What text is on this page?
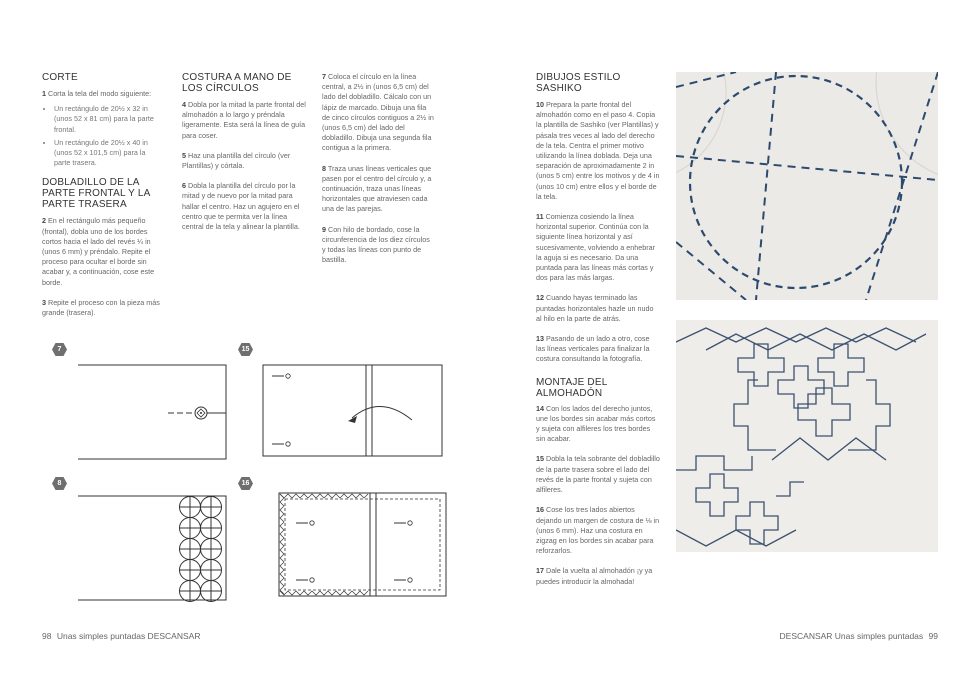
CORTE

1 Corta la tela del modo siguiente:

• Un rectángulo de 20½ x 32 in (unos 52 x 81 cm) para la parte frontal.
• Un rectángulo de 20½ x 40 in (unos 52 x 101,5 cm) para la parte trasera.
DOBLADILLO DE LA PARTE FRONTAL Y LA PARTE TRASERA

2 En el rectángulo más pequeño (frontal), dobla uno de los bordes cortos hacia el lado del revés ¼ in (unos 6 mm) y préndalo. Repite el proceso para ocultar el borde sin acabar y, a continuación, cose este borde.

3 Repite el proceso con la pieza más grande (trasera).

COSTURA A MANO DE LOS CÍRCULOS

4 Dobla por la mitad la parte frontal del almohadón a lo largo y préndala ligeramente. Esta será la línea de guía para coser.

5 Haz una plantilla del círculo (ver Plantillas) y córtala.

6 Dobla la plantilla del círculo por la mitad y de nuevo por la mitad para hallar el centro. Haz un agujero en el centro que te permita ver la línea central de la tela y alinear la plantilla.

7 Coloca el círculo en la línea central, a 2½ in (unos 6,5 cm) del lado del dobladillo. Cálcalo con un lápiz de marcado. Dibuja una fila de cinco círculos contiguos a 2½ in (unos 6,5 cm) del lado del dobladillo. Dibuja una segunda fila contigua a la primera.

8 Traza unas líneas verticales que pasen por el centro del círculo y, a continuación, traza unas líneas horizontales que atraviesen cada una de las parejas.

9 Con hilo de bordado, cose la circunferencia de los diez círculos y todas las líneas con punto de bastilla.

7	15
8	16
98 Unas simples puntadas DESCANSAR
DIBUJOS ESTILO SASHIKO

10 Prepara la parte frontal del almohadón como en el paso 4. Copia la plantilla de Sashiko (ver Plantillas) y pásala tres veces al lado del derecho de la tela. Centra el primer motivo utilizando la línea doblada. Deja una separación de aproximadamente 2 in (unos 5 cm) entre los motivos y de 4 in (unos 10 cm) entre ellos y el borde de la tela.

11 Comienza cosiendo la línea horizontal superior. Continúa con la siguiente línea horizontal y así sucesivamente, volviendo a enhebrar la aguja si es necesario. Da una puntada para las líneas más cortas y dos para las más largas.

12 Cuando hayas terminado las puntadas horizontales hazle un nudo al hilo en la parte de atrás.

13 Pasando de un lado a otro, cose las líneas verticales para finalizar la costura consultando la fotografía.

MONTAJE DEL ALMOHADÓN

14 Con los lados del derecho juntos, une los bordes sin acabar más cortos y sujeta con alfileres los tres bordes sin acabar.

15 Dobla la tela sobrante del dobladillo de la parte trasera sobre el lado del revés de la parte frontal y sujeta con alfileres.

16 Cose los tres lados abiertos dejando un margen de costura de ⅛ in (unos 6 mm). Haz una costura en zigzag en los bordes sin acabar para reforzarlos.

17 Dale la vuelta al almohadón ¡y ya puedes introducir la almohada!

DESCANSAR Unas simples puntadas 99
